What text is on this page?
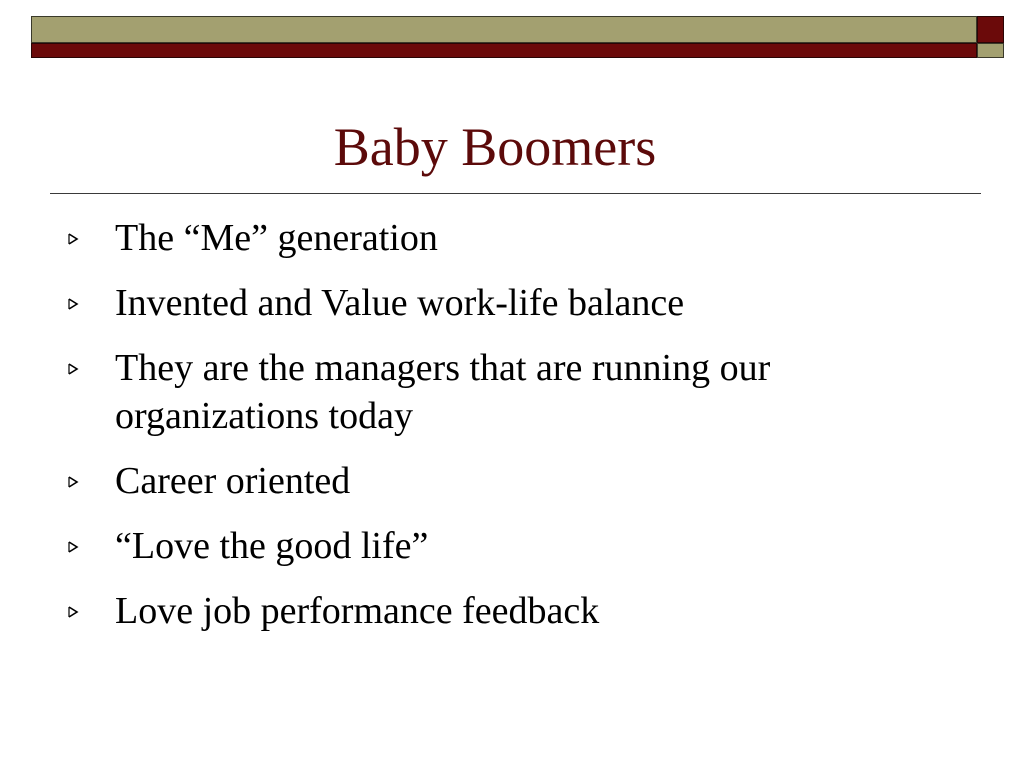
Baby Boomers
The “Me” generation
Invented and Value work-life balance
They are the managers that are running our organizations today
Career oriented
“Love the good life”
Love job performance feedback
